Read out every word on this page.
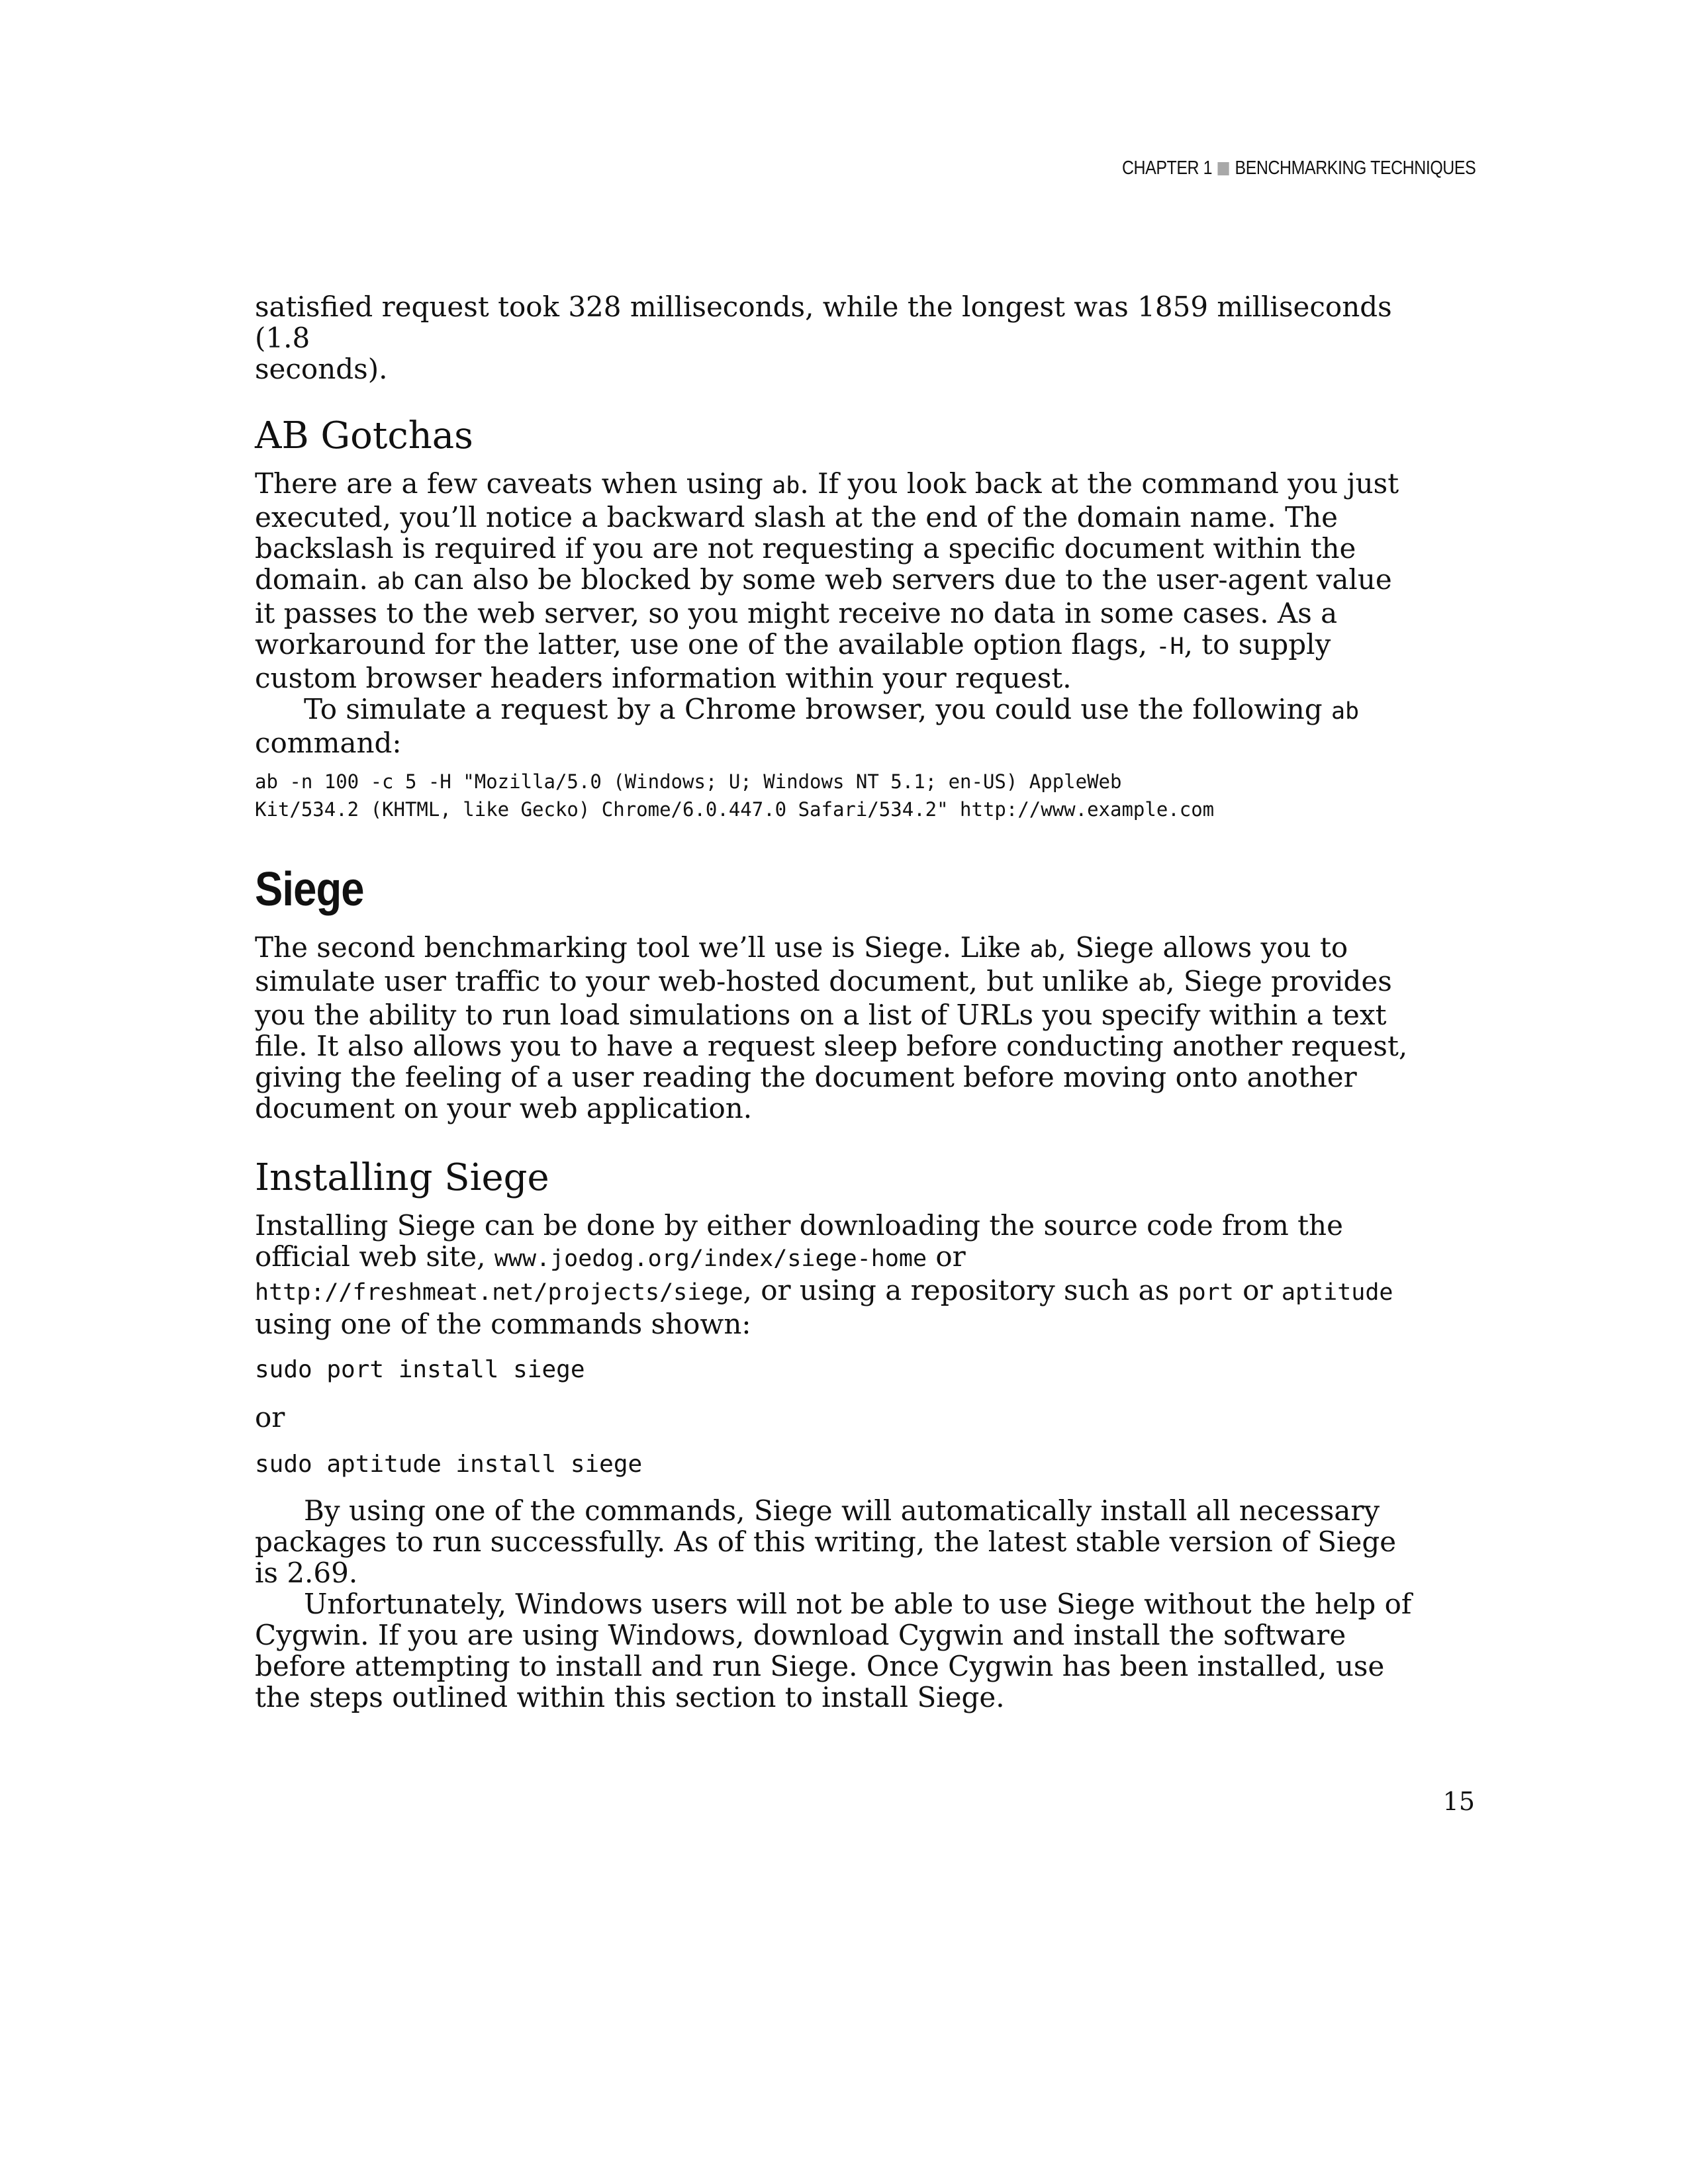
CHAPTER 1 BENCHMARKING TECHNIQUES

satisfied request took 328 milliseconds, while the longest was 1859 milliseconds (1.8
seconds).

AB Gotchas

There are a few caveats when using ab. If you look back at the command you just executed, you’ll notice a backward slash at the end of the domain name. The backslash is required if you are not requesting a specific document within the domain. ab can also be blocked by some web servers due to the user-agent value it passes to the web server, so you might receive no data in some cases. As a workaround for the latter, use one of the available option flags, -H, to supply custom browser headers information within your request.

To simulate a request by a Chrome browser, you could use the following ab command:

ab -n 100 -c 5 -H "Mozilla/5.0 (Windows; U; Windows NT 5.1; en-US) AppleWeb
Kit/534.2 (KHTML, like Gecko) Chrome/6.0.447.0 Safari/534.2" http://www.example.com
Siege

The second benchmarking tool we’ll use is Siege. Like ab, Siege allows you to simulate user traffic to your web-hosted document, but unlike ab, Siege provides you the ability to run load simulations on a list of URLs you specify within a text file. It also allows you to have a request sleep before conducting another request, giving the feeling of a user reading the document before moving onto another document on your web application.

Installing Siege

Installing Siege can be done by either downloading the source code from the official web site, www.joedog.org/index/siege-home or http://freshmeat.net/projects/siege, or using a repository such as port or aptitude using one of the commands shown:

sudo port install siege

or

sudo aptitude install siege

By using one of the commands, Siege will automatically install all necessary packages to run successfully. As of this writing, the latest stable version of Siege is 2.69.

Unfortunately, Windows users will not be able to use Siege without the help of Cygwin. If you are using Windows, download Cygwin and install the software before attempting to install and run Siege. Once Cygwin has been installed, use the steps outlined within this section to install Siege.

15
